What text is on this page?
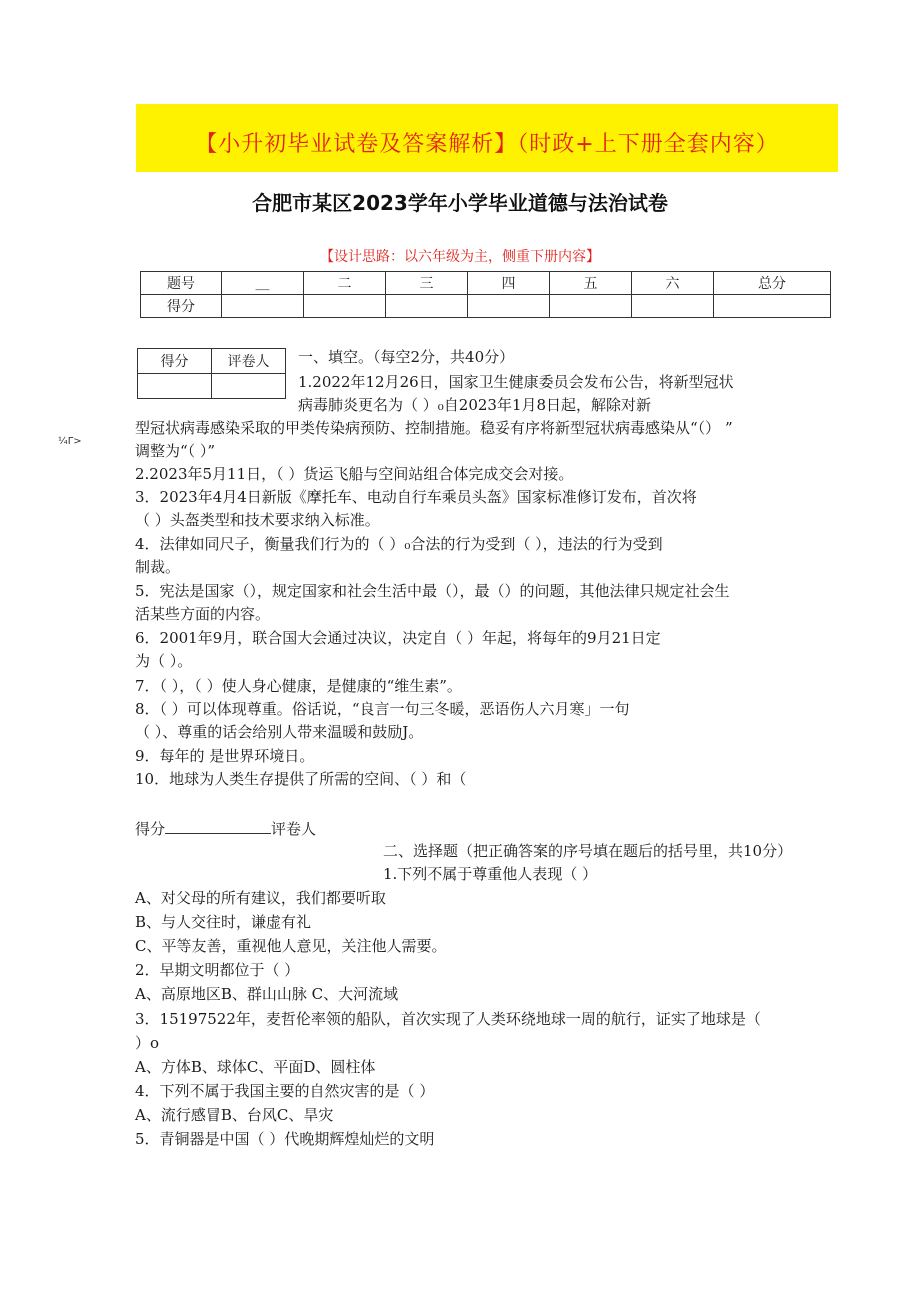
【小升初毕业试卷及答案解析】（时政+上下册全套内容）
合肥市某区2023学年小学毕业道德与法治试卷
【设计思路：以六年级为主，侧重下册内容】
题号	__	二	三	四	五	六	总分
得分							
得分	评卷人

¼Γ>
一、填空。（每空2分，共40分）
1.2022年12月26日，国家卫生健康委员会发布公告，将新型冠状
病毒肺炎更名为（ ）₀自2023年1月8日起，解除对新
型冠状病毒感染采取的甲类传染病预防、控制措施。稳妥有序将新型冠状病毒感染从“（） ”
调整为“（ ）”
2.2023年5月11日，（ ）货运飞船与空间站组合体完成交会对接。
3．2023年4月4日新版《摩托车、电动自行车乘员头盔》国家标准修订发布，首次将
（ ）头盔类型和技术要求纳入标准。
4．法律如同尺子，衡量我们行为的（ ）₀合法的行为受到（ ），违法的行为受到
制裁。
5．宪法是国家（），规定国家和社会生活中最（），最（）的问题，其他法律只规定社会生
活某些方面的内容。
6．2001年9月，联合国大会通过决议，决定自（ ）年起，将每年的9月21日定
为（ ）。
7．（ ），（ ）使人身心健康，是健康的“维生素”。
8．（ ）可以体现尊重。俗话说，“良言一句三冬暖，恶语伤人六月寒」一句
（ ）、尊重的话会给别人带来温暖和鼓励J。
9．每年的 是世界环境日。
10．地球为人类生存提供了所需的空间、（ ）和（
得分	评卷人
二、选择题（把正确答案的序号填在题后的括号里，共10分）
1.下列不属于尊重他人表现（ ）
A、对父母的所有建议，我们都要听取
B、与人交往时，谦虚有礼
C、平等友善，重视他人意见，关注他人需要。
2．早期文明都位于（ ）
A、高原地区B、群山山脉 C、大河流域
3．15197522年，麦哲伦率领的船队，首次实现了人类环绕地球一周的航行，证实了地球是（
）o
A、方体B、球体C、平面D、圆柱体
4．下列不属于我国主要的自然灾害的是（ ）
A、流行感冒B、台风C、旱灾
5．青铜器是中国（ ）代晚期辉煌灿烂的文明
